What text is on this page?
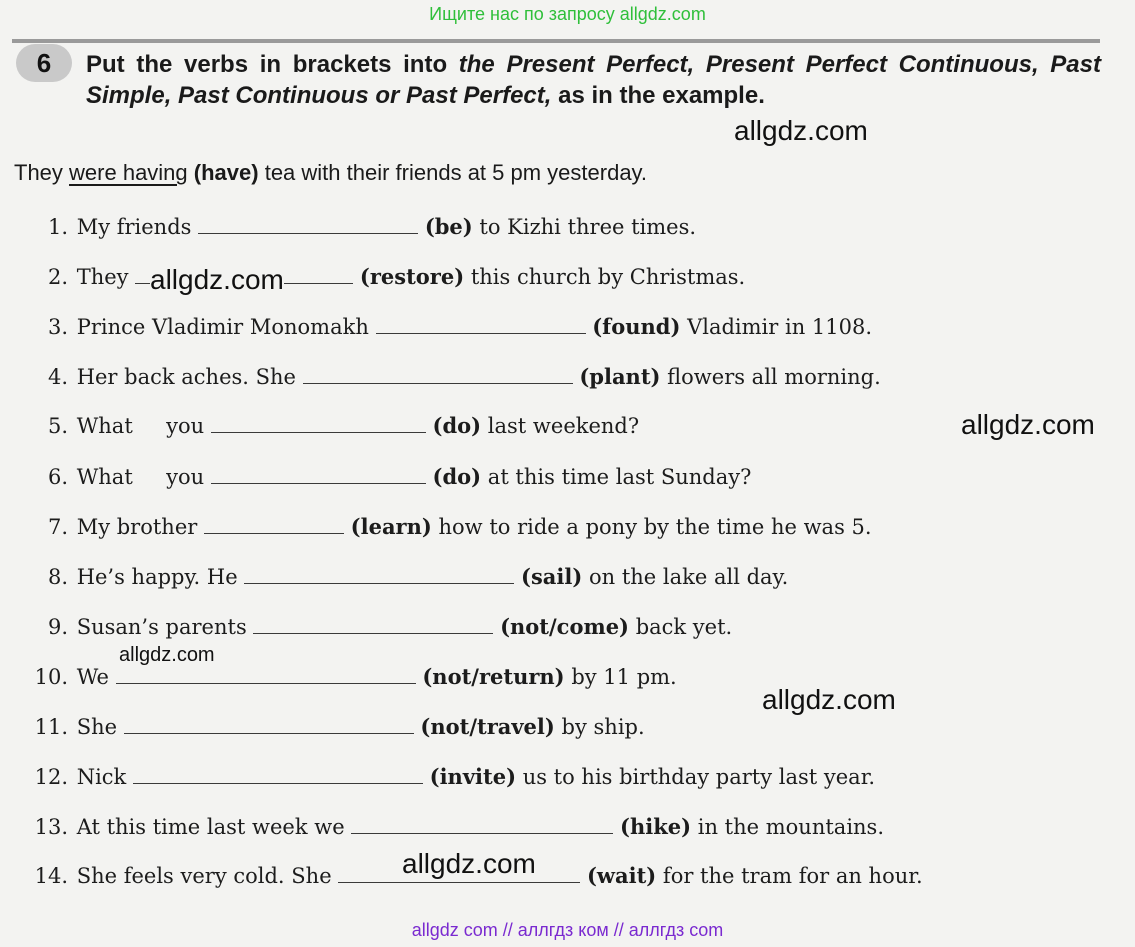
Ищите нас по запросу allgdz.com
6	Put the verbs in brackets into the Present Perfect, Present Perfect Continuous, Past Simple, Past Continuous or Past Perfect, as in the example.
They were having (have) tea with their friends at 5 pm yesterday.
1. My friends	(be) to Kizhi three times.
2. They	(restore) this church by Christmas.
3. Prince Vladimir Monomakh	(found) Vladimir in 1108.
4. Her back aches. She	(plant) flowers all morning.
5. What     you	(do) last weekend?
6. What     you	(do) at this time last Sunday?
7. My brother	(learn) how to ride a pony by the time he was 5.
8. He’s happy. He	(sail) on the lake all day.
9. Susan’s parents	(not/come) back yet.
10. We	(not/return) by 11 pm.
11. She	(not/travel) by ship.
12. Nick	(invite) us to his birthday party last year.
13. At this time last week we	(hike) in the mountains.
14. She feels very cold. She	(wait) for the tram for an hour.
allgdz.com
allgdz.com
allgdz.com
allgdz.com
allgdz.com
allgdz.com
allgdz com // аллгдз ком // аллгдз com
